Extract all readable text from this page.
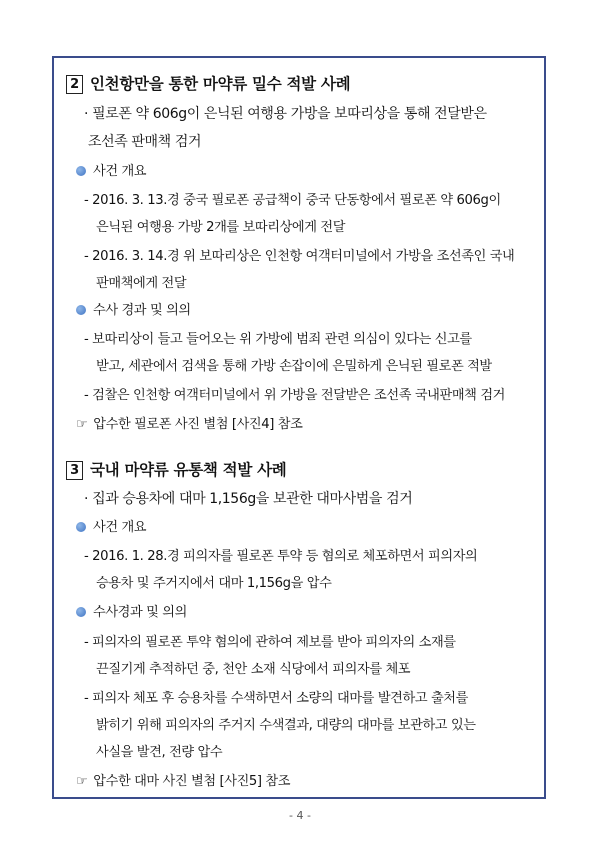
2 인천항만을 통한 마약류 밀수 적발 사례
· 필로폰 약 606g이 은닉된 여행용 가방을 보따리상을 통해 전달받은
조선족 판매책 검거
사건 개요
- 2016. 3. 13.경 중국 필로폰 공급책이 중국 단동항에서 필로폰 약 606g이
은닉된 여행용 가방 2개를 보따리상에게 전달
- 2016. 3. 14.경 위 보따리상은 인천항 여객터미널에서 가방을 조선족인 국내
판매책에게 전달
수사 경과 및 의의
- 보따리상이 들고 들어오는 위 가방에 범죄 관련 의심이 있다는 신고를
받고, 세관에서 검색을 통해 가방 손잡이에 은밀하게 은닉된 필로폰 적발
- 검찰은 인천항 여객터미널에서 위 가방을 전달받은 조선족 국내판매책 검거
☞ 압수한 필로폰 사진 별첨 [사진4] 참조
3 국내 마약류 유통책 적발 사례
· 집과 승용차에 대마 1,156g을 보관한 대마사범을 검거
사건 개요
- 2016. 1. 28.경 피의자를 필로폰 투약 등 혐의로 체포하면서 피의자의
승용차 및 주거지에서 대마 1,156g을 압수
수사경과 및 의의
- 피의자의 필로폰 투약 혐의에 관하여 제보를 받아 피의자의 소재를
끈질기게 추적하던 중, 천안 소재 식당에서 피의자를 체포
- 피의자 체포 후 승용차를 수색하면서 소량의 대마를 발견하고 출처를
밝히기 위해 피의자의 주거지 수색결과, 대량의 대마를 보관하고 있는
사실을 발견, 전량 압수
☞ 압수한 대마 사진 별첨 [사진5] 참조
- 4 -
